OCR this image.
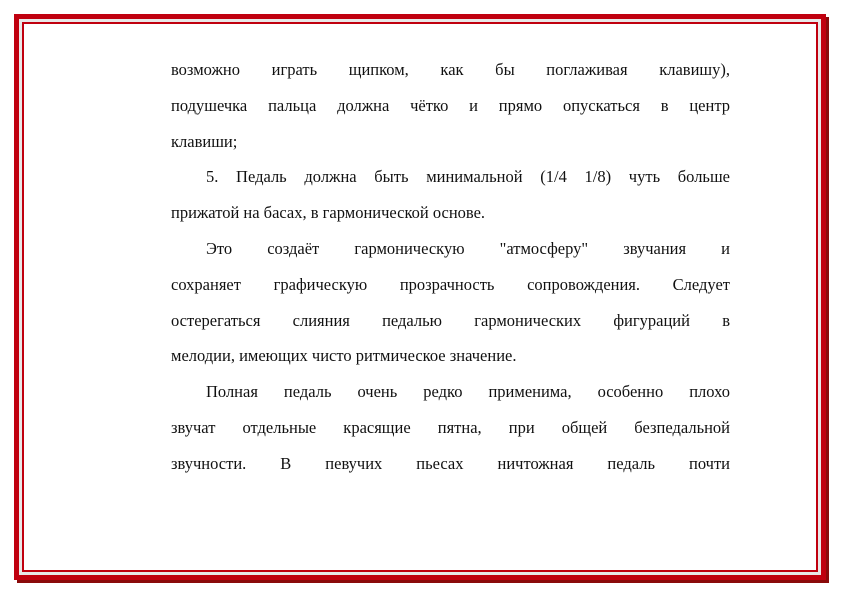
возможно играть щипком, как бы поглаживая клавишу),

подушечка пальца должна чётко и прямо опускаться в центр

клавиши;

5. Педаль должна быть минимальной (1/4 1/8) чуть больше

прижатой на басах, в гармонической основе.

Это создаёт гармоническую "атмосферу" звучания и

сохраняет графическую прозрачность сопровождения. Следует

остерегаться слияния педалью гармонических фигураций в

мелодии, имеющих чисто ритмическое значение.

Полная педаль очень редко применима, особенно плохо

звучат отдельные красящие пятна, при общей безпедальной

звучности. В певучих пьесах ничтожная педаль почти
